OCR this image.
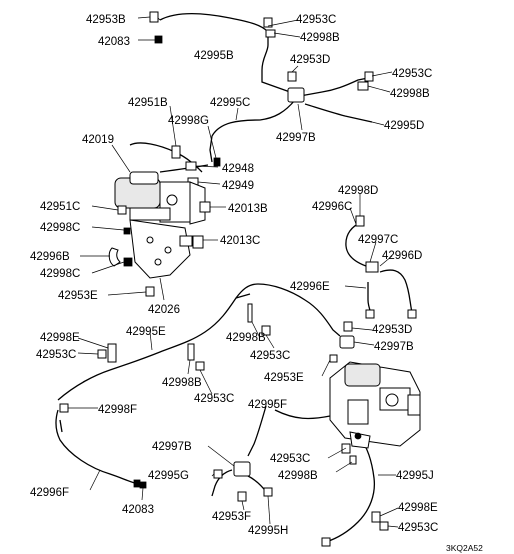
42953B
42083
42995B
42953C
42998B
42953D
42953C
42998B
42951B	42995C
42998G
42997B
42995D
42019
42948
42949
42951C	42013B
42998C
42998D
42996C
42997C
42013C
42996B	42996D
42998C
42953E
42996E
42026
42953D
42998E	42995E	42998B
42953C
42997B
42953C
42953E
42998B
42953C 42995F
42998F
42997B
42953C
42995G	42998B	42995J
42996F
42083
42953F
42998E
42953C
42995H
3KQ2A52
